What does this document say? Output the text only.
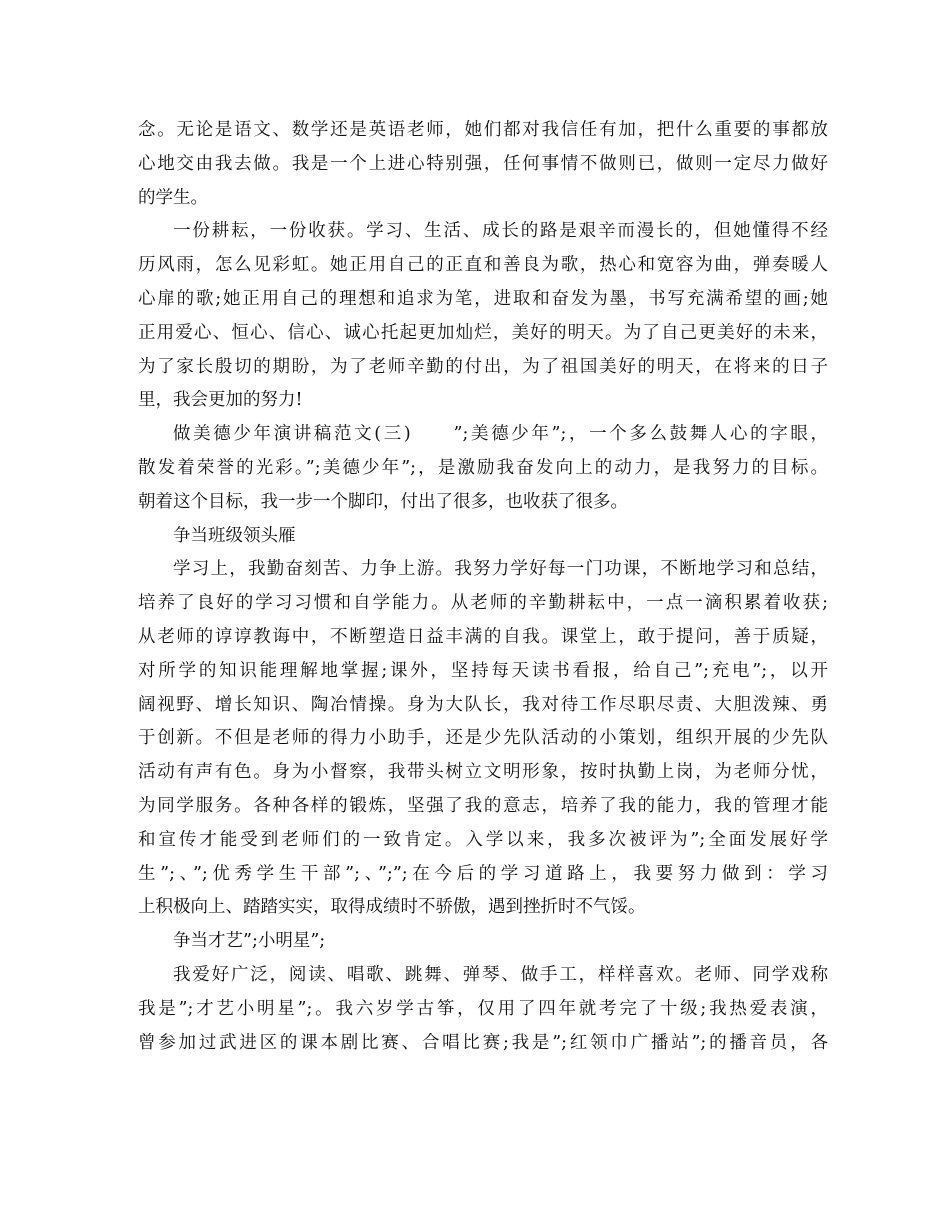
念。无论是语文、数学还是英语老师，她们都对我信任有加，把什么重要的事都放
心地交由我去做。我是一个上进心特别强，任何事情不做则已，做则一定尽力做好
的学生。
一份耕耘，一份收获。学习、生活、成长的路是艰辛而漫长的，但她懂得不经
历风雨，怎么见彩虹。她正用自己的正直和善良为歌，热心和宽容为曲，弹奏暖人
心扉的歌;她正用自己的理想和追求为笔，进取和奋发为墨，书写充满希望的画;她
正用爱心、恒心、信心、诚心托起更加灿烂，美好的明天。为了自己更美好的未来，
为了家长殷切的期盼，为了老师辛勤的付出，为了祖国美好的明天，在将来的日子
里，我会更加的努力!
做美德少年演讲稿范文(三)　　”;美德少年”;，一个多么鼓舞人心的字眼，
散发着荣誉的光彩。”;美德少年”;，是激励我奋发向上的动力，是我努力的目标。
朝着这个目标，我一步一个脚印，付出了很多，也收获了很多。
争当班级领头雁
学习上，我勤奋刻苦、力争上游。我努力学好每一门功课，不断地学习和总结，
培养了良好的学习习惯和自学能力。从老师的辛勤耕耘中，一点一滴积累着收获;
从老师的谆谆教诲中，不断塑造日益丰满的自我。课堂上，敢于提问，善于质疑，
对所学的知识能理解地掌握;课外，坚持每天读书看报，给自己”;充电”;，以开
阔视野、增长知识、陶冶情操。身为大队长，我对待工作尽职尽责、大胆泼辣、勇
于创新。不但是老师的得力小助手，还是少先队活动的小策划，组织开展的少先队
活动有声有色。身为小督察，我带头树立文明形象，按时执勤上岗，为老师分忧，
为同学服务。各种各样的锻炼，坚强了我的意志，培养了我的能力，我的管理才能
和宣传才能受到老师们的一致肯定。入学以来，我多次被评为”;全面发展好学
生”;、”;优秀学生干部”;、”;”;在今后的学习道路上，我要努力做到：学习
上积极向上、踏踏实实，取得成绩时不骄傲，遇到挫折时不气馁。
争当才艺”;小明星”;
我爱好广泛，阅读、唱歌、跳舞、弹琴、做手工，样样喜欢。老师、同学戏称
我是”;才艺小明星”;。我六岁学古筝，仅用了四年就考完了十级;我热爱表演，
曾参加过武进区的课本剧比赛、合唱比赛;我是”;红领巾广播站”;的播音员，各
